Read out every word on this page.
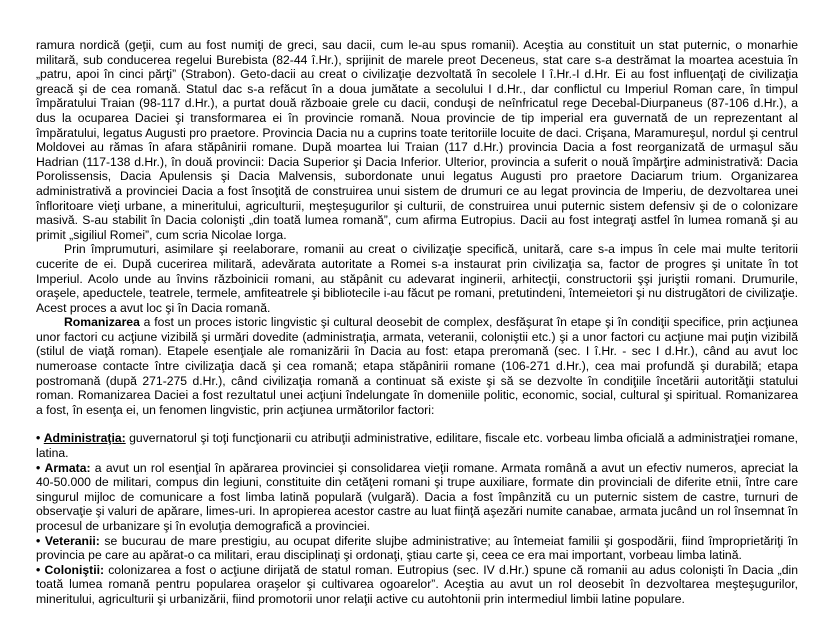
ramura nordică (geţii, cum au fost numiţi de greci, sau dacii, cum le-au spus romanii). Aceştia au constituit un stat puternic, o monarhie militară, sub conducerea regelui Burebista (82-44 î.Hr.), sprijinit de marele preot Deceneus, stat care s-a destrămat la moartea acestuia în „patru, apoi în cinci părţi” (Strabon). Geto-dacii au creat o civilizaţie dezvoltată în secolele I î.Hr.-I d.Hr. Ei au fost influenţaţi de civilizaţia greacă şi de cea romană. Statul dac s-a refăcut în a doua jumătate a secolului I d.Hr., dar conflictul cu Imperiul Roman care, în timpul împăratului Traian (98-117 d.Hr.), a purtat două războaie grele cu dacii, conduşi de neînfricatul rege Decebal-Diurpaneus (87-106 d.Hr.), a dus la ocuparea Daciei şi transformarea ei în provincie romană. Noua provincie de tip imperial era guvernată de un reprezentant al împăratului, legatus Augusti pro praetore. Provincia Dacia nu a cuprins toate teritoriile locuite de daci. Crişana, Maramureşul, nordul şi centrul Moldovei au rămas în afara stăpânirii romane. După moartea lui Traian (117 d.Hr.) provincia Dacia a fost reorganizată de urmaşul său Hadrian (117-138 d.Hr.), în două provincii: Dacia Superior şi Dacia Inferior. Ulterior, provincia a suferit o nouă împărţire administrativă: Dacia Porolissensis, Dacia Apulensis şi Dacia Malvensis, subordonate unui legatus Augusti pro praetore Daciarum trium. Organizarea administrativă a provinciei Dacia a fost însoţită de construirea unui sistem de drumuri ce au legat provincia de Imperiu, de dezvoltarea unei înfloritoare vieţi urbane, a mineritului, agriculturii, meşteşugurilor şi culturii, de construirea unui puternic sistem defensiv şi de o colonizare masivă. S-au stabilit în Dacia colonişti „din toată lumea romană”, cum afirma Eutropius. Dacii au fost integraţi astfel în lumea romană şi au primit „sigiliul Romei”, cum scria Nicolae Iorga.

Prin împrumuturi, asimilare şi reelaborare, romanii au creat o civilizaţie specifică, unitară, care s-a impus în cele mai multe teritorii cucerite de ei. După cucerirea militară, adevărata autoritate a Romei s-a instaurat prin civilizaţia sa, factor de progres şi unitate în tot Imperiul. Acolo unde au învins războinicii romani, au stăpânit cu adevarat inginerii, arhitecţii, constructorii şşi juriştii romani. Drumurile, oraşele, apeductele, teatrele, termele, amfiteatrele şi bibliotecile i-au făcut pe romani, pretutindeni, întemeietori şi nu distrugători de civilizaţie. Acest proces a avut loc şi în Dacia romană.

Romanizarea a fost un proces istoric lingvistic şi cultural deosebit de complex, desfăşurat în etape şi în condiţii specifice, prin acţiunea unor factori cu acţiune vizibilă şi urmări dovedite (administraţia, armata, veteranii, coloniştii etc.) şi a unor factori cu acţiune mai puţin vizibilă (stilul de viaţă roman). Etapele esenţiale ale romanizării în Dacia au fost: etapa preromană (sec. I î.Hr. - sec I d.Hr.), când au avut loc numeroase contacte între civilizaţia dacă şi cea romană; etapa stăpânirii romane (106-271 d.Hr.), cea mai profundă şi durabilă; etapa postromană (după 271-275 d.Hr.), când civilizaţia romană a continuat să existe şi să se dezvolte în condiţiile încetării autorităţii statului roman. Romanizarea Daciei a fost rezultatul unei acţiuni îndelungate în domeniile politic, economic, social, cultural şi spiritual. Romanizarea a fost, în esenţa ei, un fenomen lingvistic, prin acţiunea următorilor factori:

• Administraţia: guvernatorul şi toţi funcţionarii cu atribuţii administrative, edilitare, fiscale etc. vorbeau limba oficială a administraţiei romane, latina.

• Armata: a avut un rol esenţial în apărarea provinciei şi consolidarea vieţii romane. Armata română a avut un efectiv numeros, apreciat la 40-50.000 de militari, compus din legiuni, constituite din cetăţeni romani şi trupe auxiliare, formate din provinciali de diferite etnii, între care singurul mijloc de comunicare a fost limba latină populară (vulgară). Dacia a fost împânzită cu un puternic sistem de castre, turnuri de observaţie şi valuri de apărare, limes-uri. In apropierea acestor castre au luat fiinţă aşezări numite canabae, armata jucând un rol însemnat în procesul de urbanizare şi în evoluţia demografică a provinciei.

• Veteranii: se bucurau de mare prestigiu, au ocupat diferite slujbe administrative; au întemeiat familii şi gospodării, fiind împroprietăriţi în provincia pe care au apărat-o ca militari, erau disciplinaţi şi ordonaţi, ştiau carte şi, ceea ce era mai important, vorbeau limba latină.

• Coloniştii: colonizarea a fost o acţiune dirijată de statul roman. Eutropius (sec. IV d.Hr.) spune că romanii au adus colonişti în Dacia „din toată lumea romană pentru popularea oraşelor şi cultivarea ogoarelor”. Aceştia au avut un rol deosebit în dezvoltarea meşteşugurilor, mineritului, agriculturii şi urbanizării, fiind promotorii unor relaţii active cu autohtonii prin intermediul limbii latine populare.
